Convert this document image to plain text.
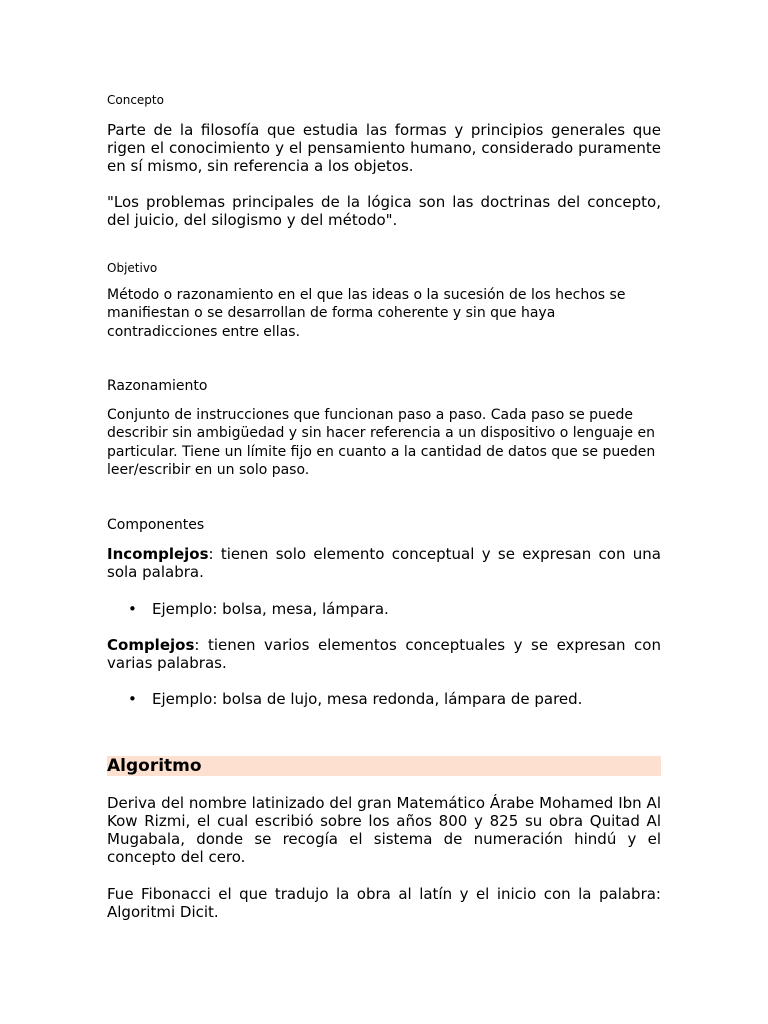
Concepto

Parte de la filosofía que estudia las formas y principios generales que rigen el conocimiento y el pensamiento humano, considerado puramente en sí mismo, sin referencia a los objetos.

"Los problemas principales de la lógica son las doctrinas del concepto, del juicio, del silogismo y del método".

Objetivo

Método o razonamiento en el que las ideas o la sucesión de los hechos se manifiestan o se desarrollan de forma coherente y sin que haya contradicciones entre ellas.

Razonamiento

Conjunto de instrucciones que funcionan paso a paso. Cada paso se puede describir sin ambigüedad y sin hacer referencia a un dispositivo o lenguaje en particular. Tiene un límite fijo en cuanto a la cantidad de datos que se pueden leer/escribir en un solo paso.

Componentes

Incomplejos: tienen solo elemento conceptual y se expresan con una sola palabra.

• Ejemplo: bolsa, mesa, lámpara.

Complejos: tienen varios elementos conceptuales y se expresan con varias palabras.

• Ejemplo: bolsa de lujo, mesa redonda, lámpara de pared.
Algoritmo

Deriva del nombre latinizado del gran Matemático Árabe Mohamed Ibn Al Kow Rizmi, el cual escribió sobre los años 800 y 825 su obra Quitad Al Mugabala, donde se recogía el sistema de numeración hindú y el concepto del cero.

Fue Fibonacci el que tradujo la obra al latín y el inicio con la palabra: Algoritmi Dicit.
